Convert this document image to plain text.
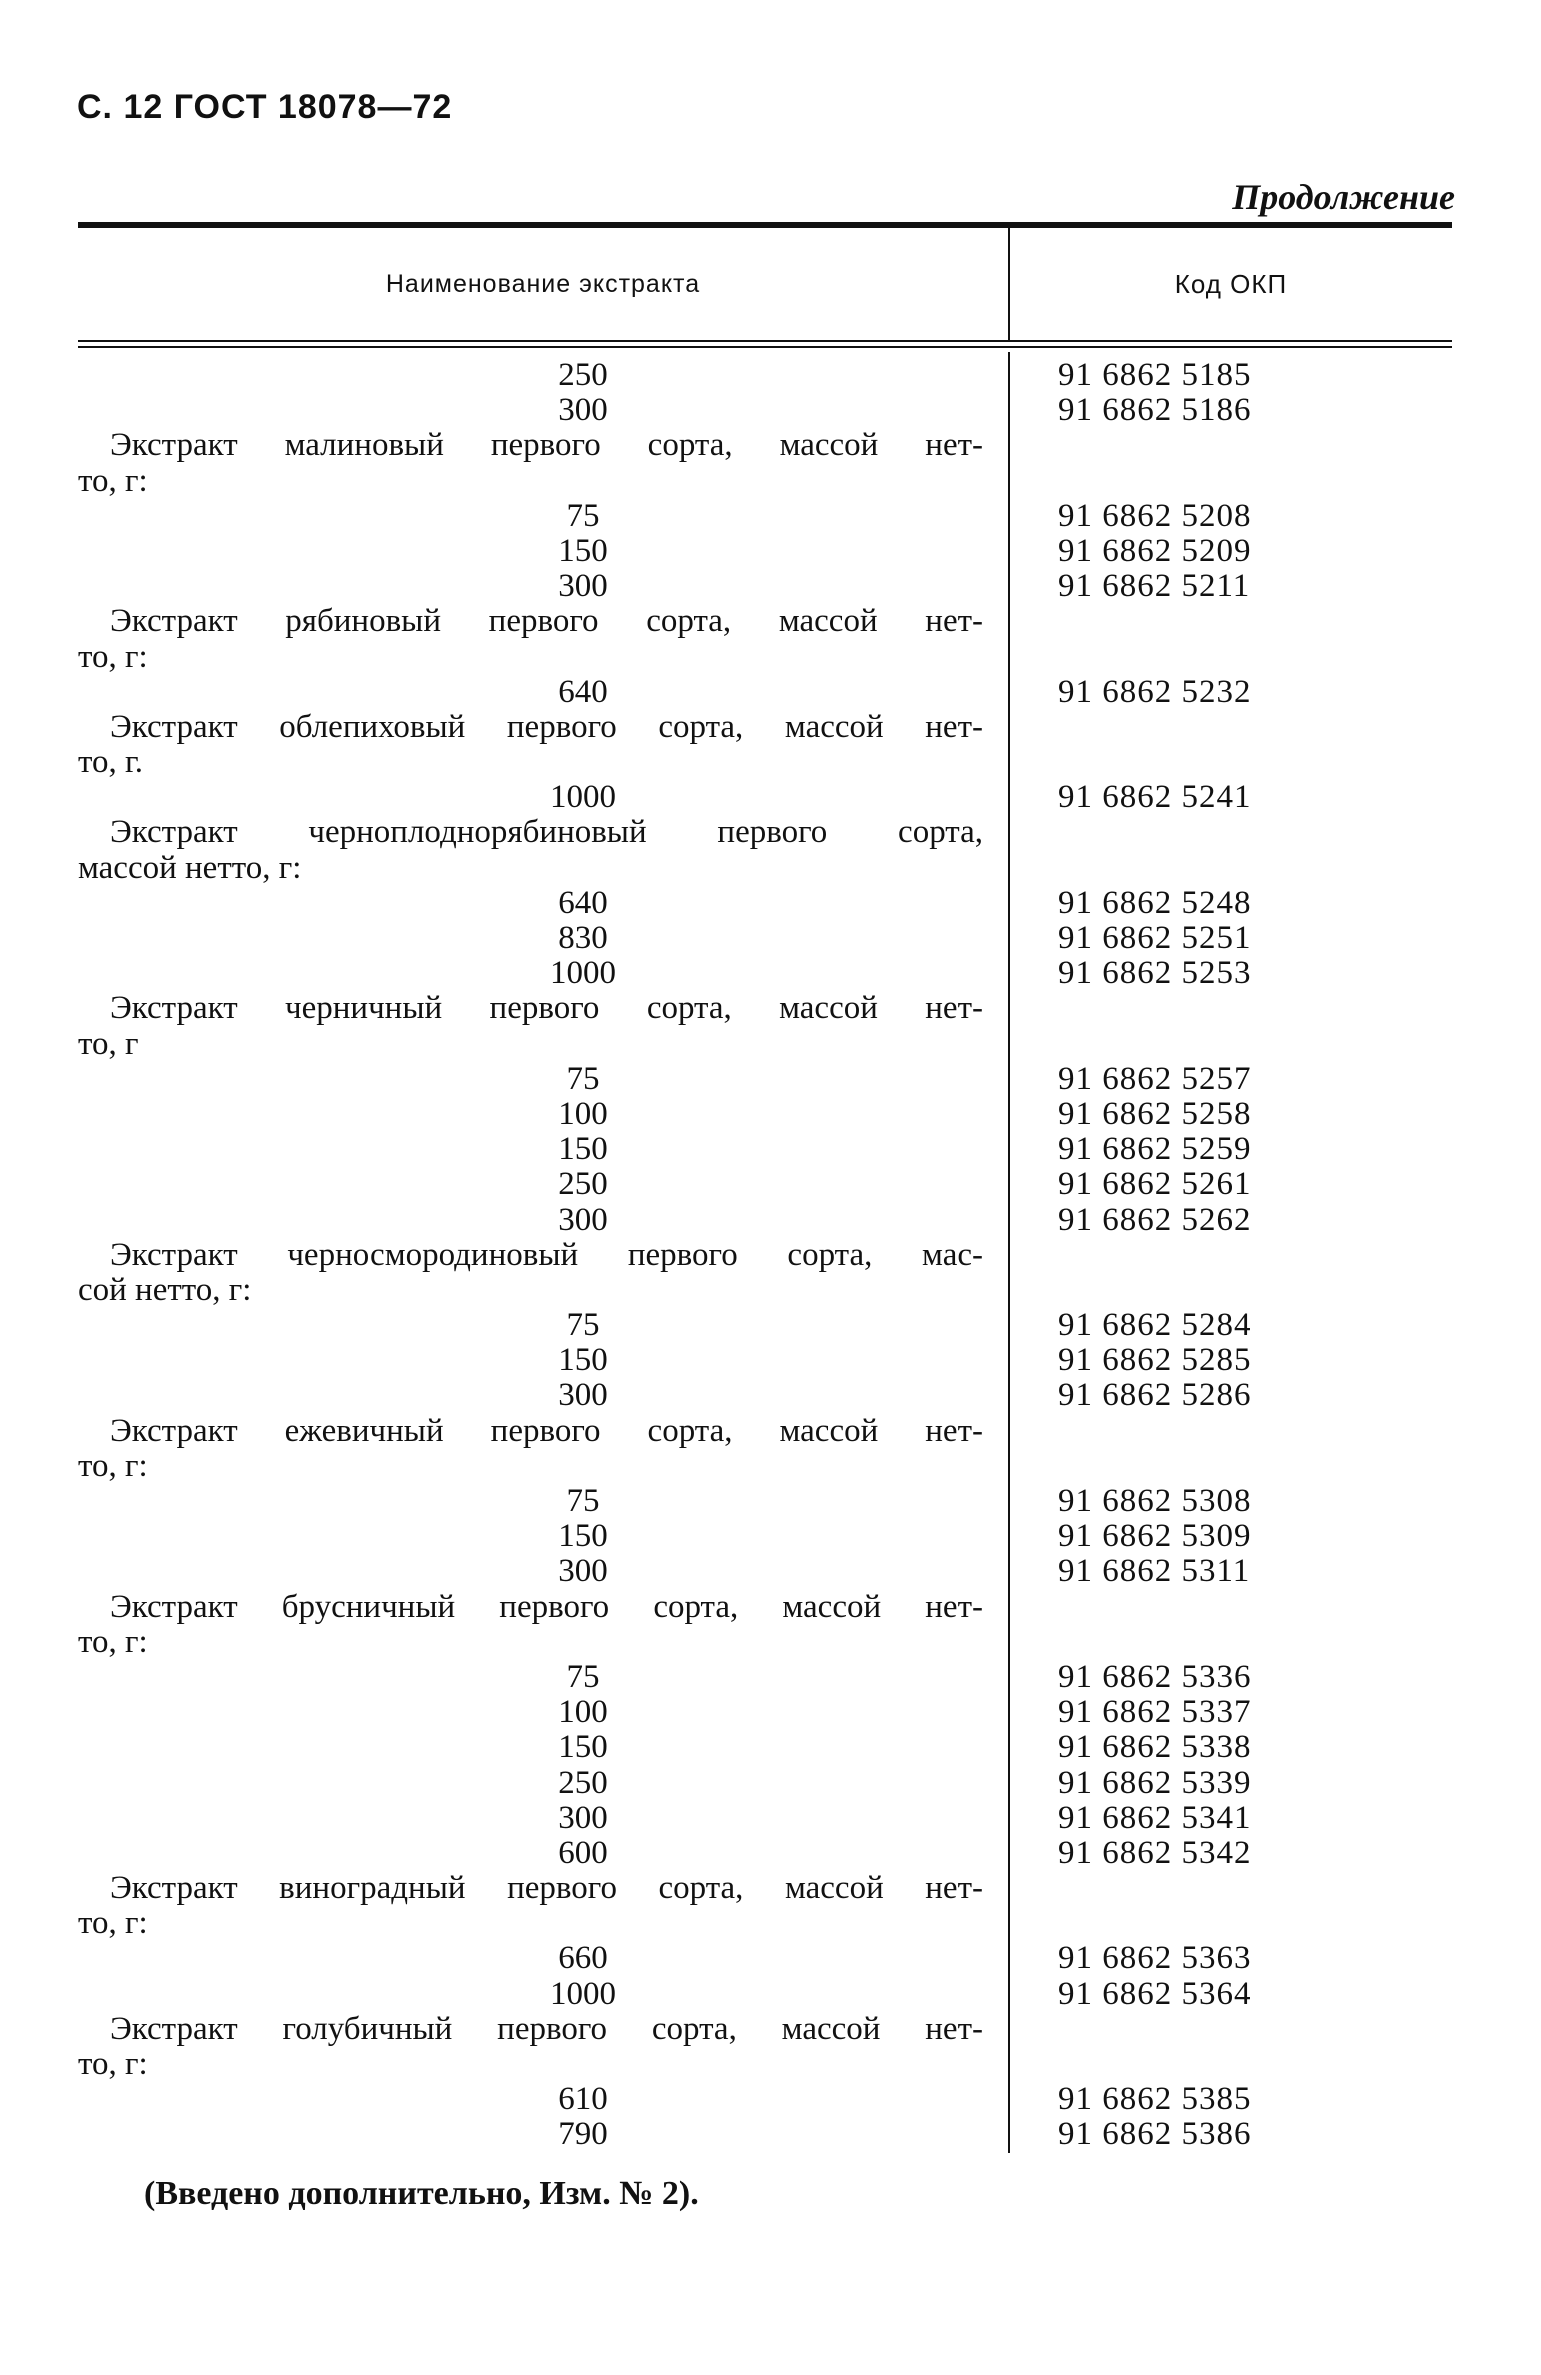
С. 12 ГОСТ 18078—72
Продолжение
Наименование экстракта	Код ОКП
250
300
Экстракт малиновый первого сорта, массой нет-
то, г:
75
150
300
Экстракт рябиновый первого сорта, массой нет-
то, г:
640
Экстракт облепиховый первого сорта, массой нет-
то, г.
1000
Экстракт черноплоднорябиновый первого сорта,
массой нетто, г:
640
830
1000
Экстракт черничный первого сорта, массой нет-
то, г
75
100
150
250
300
Экстракт черносмородиновый первого сорта, мас-
сой нетто, г:
75
150
300
Экстракт ежевичный первого сорта, массой нет-
то, г:
75
150
300
Экстракт брусничный первого сорта, массой нет-
то, г:
75
100
150
250
300
600
Экстракт виноградный первого сорта, массой нет-
то, г:
660
1000
Экстракт голубичный первого сорта, массой нет-
то, г:
610
790
91 6862 5185
91 6862 5186
91 6862 5208
91 6862 5209
91 6862 5211
91 6862 5232
91 6862 5241
91 6862 5248
91 6862 5251
91 6862 5253
91 6862 5257
91 6862 5258
91 6862 5259
91 6862 5261
91 6862 5262
91 6862 5284
91 6862 5285
91 6862 5286
91 6862 5308
91 6862 5309
91 6862 5311
91 6862 5336
91 6862 5337
91 6862 5338
91 6862 5339
91 6862 5341
91 6862 5342
91 6862 5363
91 6862 5364
91 6862 5385
91 6862 5386
(Введено дополнительно, Изм. № 2).
